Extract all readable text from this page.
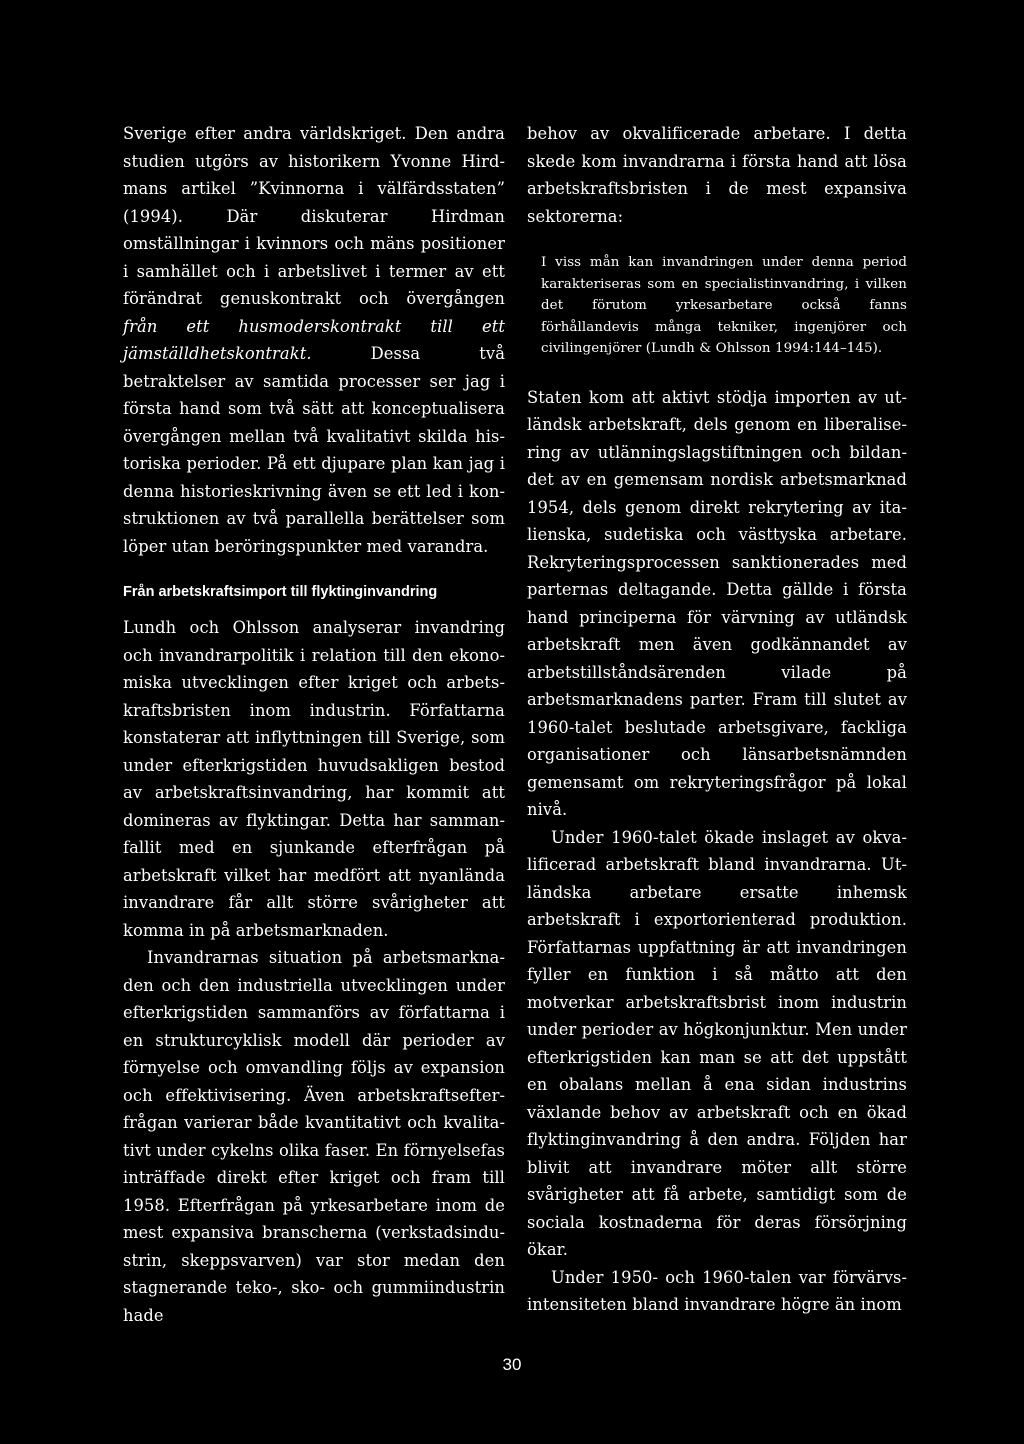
Sverige efter andra världskriget. Den andra studien utgörs av historikern Yvonne Hirdmans artikel ”Kvinnorna i välfärdsstaten” (1994). Där diskuterar Hirdman omställningar i kvinnors och mäns positioner i samhället och i arbetslivet i termer av ett förändrat genuskontrakt och övergången från ett husmoderskontrakt till ett jämställdhetskontrakt. Dessa två betraktelser av samtida processer ser jag i första hand som två sätt att konceptualisera övergången mellan två kvalitativt skilda historiska perioder. På ett djupare plan kan jag i denna historieskrivning även se ett led i konstruktionen av två parallella berättelser som löper utan beröringspunkter med varandra.

Från arbetskraftsimport till flyktinginvandring

Lundh och Ohlsson analyserar invandring och invandrarpolitik i relation till den ekonomiska utvecklingen efter kriget och arbetskraftsbristen inom industrin. Författarna konstaterar att inflyttningen till Sverige, som under efterkrigstiden huvudsakligen bestod av arbetskraftsinvandring, har kommit att domineras av flyktingar. Detta har sammanfallit med en sjunkande efterfrågan på arbetskraft vilket har medfört att nyanlända invandrare får allt större svårigheter att komma in på arbetsmarknaden.

Invandrarnas situation på arbetsmarknaden och den industriella utvecklingen under efterkrigstiden sammanförs av författarna i en strukturcyklisk modell där perioder av förnyelse och omvandling följs av expansion och effektivisering. Även arbetskraftsefterfrågan varierar både kvantitativt och kvalitativt under cykelns olika faser. En förnyelsefas inträffade direkt efter kriget och fram till 1958. Efterfrågan på yrkesarbetare inom de mest expansiva branscherna (verkstadsindustrin, skeppsvarven) var stor medan den stagnerande teko-, sko- och gummiindustrin hade

behov av okvalificerade arbetare. I detta skede kom invandrarna i första hand att lösa arbetskraftsbristen i de mest expansiva sektorerna:

I viss mån kan invandringen under denna period karakteriseras som en specialistinvandring, i vilken det förutom yrkesarbetare också fanns förhållandevis många tekniker, ingenjörer och civilingenjörer (Lundh & Ohlsson 1994:144–145).

Staten kom att aktivt stödja importen av utländsk arbetskraft, dels genom en liberalisering av utlänningslagstiftningen och bildandet av en gemensam nordisk arbetsmarknad 1954, dels genom direkt rekrytering av italienska, sudetiska och västtyska arbetare. Rekryteringsprocessen sanktionerades med parternas deltagande. Detta gällde i första hand principerna för värvning av utländsk arbetskraft men även godkännandet av arbetstillståndsärenden vilade på arbetsmarknadens parter. Fram till slutet av 1960-talet beslutade arbetsgivare, fackliga organisationer och länsarbetsnämnden gemensamt om rekryteringsfrågor på lokal nivå.

Under 1960-talet ökade inslaget av okvalificerad arbetskraft bland invandrarna. Utländska arbetare ersatte inhemsk arbetskraft i exportorienterad produktion. Författarnas uppfattning är att invandringen fyller en funktion i så måtto att den motverkar arbetskraftsbrist inom industrin under perioder av högkonjunktur. Men under efterkrigstiden kan man se att det uppstått en obalans mellan å ena sidan industrins växlande behov av arbetskraft och en ökad flyktinginvandring å den andra. Följden har blivit att invandrare möter allt större svårigheter att få arbete, samtidigt som de sociala kostnaderna för deras försörjning ökar.

Under 1950- och 1960-talen var förvärvsintensiteten bland invandrare högre än inom

30
